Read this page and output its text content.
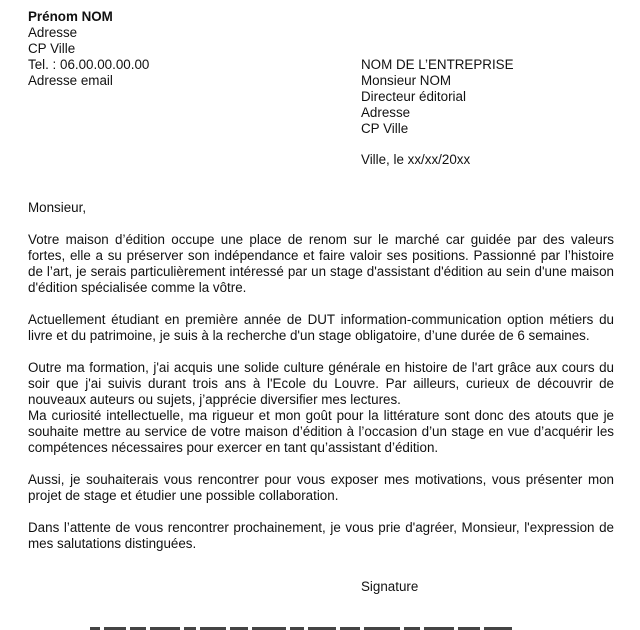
Prénom NOM
Adresse
CP Ville
Tel. : 06.00.00.00.00
Adresse email
NOM DE L’ENTREPRISE
Monsieur NOM
Directeur éditorial
Adresse
CP Ville
Ville, le xx/xx/20xx
Monsieur,

Votre maison d’édition occupe une place de renom sur le marché car guidée par des valeurs fortes, elle a su préserver son indépendance et faire valoir ses positions. Passionné par l’histoire de l’art, je serais particulièrement intéressé par un stage d'assistant d'édition au sein d'une maison d'édition spécialisée comme la vôtre.

Actuellement étudiant en première année de DUT information-communication option métiers du livre et du patrimoine, je suis à la recherche d'un stage obligatoire, d’une durée de 6 semaines.

Outre ma formation, j'ai acquis une solide culture générale en histoire de l'art grâce aux cours du soir que j'ai suivis durant trois ans à l'Ecole du Louvre. Par ailleurs, curieux de découvrir de nouveaux auteurs ou sujets, j’apprécie diversifier mes lectures.

Ma curiosité intellectuelle, ma rigueur et mon goût pour la littérature sont donc des atouts que je souhaite mettre au service de votre maison d’édition à l’occasion d’un stage en vue d’acquérir les compétences nécessaires pour exercer en tant qu’assistant d’édition.

Aussi, je souhaiterais vous rencontrer pour vous exposer mes motivations, vous présenter mon projet de stage et étudier une possible collaboration.

Dans l’attente de vous rencontrer prochainement, je vous prie d'agréer, Monsieur, l'expression de mes salutations distinguées.

Signature
